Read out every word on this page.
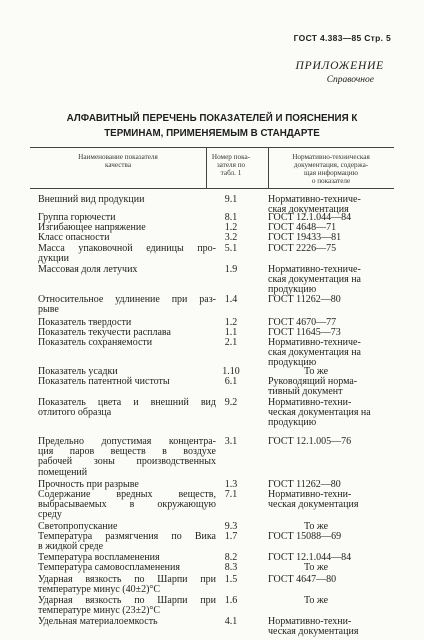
ГОСТ 4.383—85 Стр. 5
ПРИЛОЖЕНИЕ
Справочное
АЛФАВИТНЫЙ ПЕРЕЧЕНЬ ПОКАЗАТЕЛЕЙ И ПОЯСНЕНИЯ К
ТЕРМИНАМ, ПРИМЕНЯЕМЫМ В СТАНДАРТЕ
Наименование показателя
качества
Номер пока-
зателя по
табл. 1
Нормативно-техническая
документация, содержа-
щая информацию
о показателе
Внешний вид продукции	9.1	Нормативно-техниче-
ская документация
Группа горючести	8.1	ГОСТ 12.1.044—84
Изгибающее напряжение	1.2	ГОСТ 4648—71
Класс опасности	3.2	ГОСТ 19433—81
Масса упаковочной единицы про-
дукции
5.1	ГОСТ 2226—75
Массовая доля летучих	1.9	Нормативно-техниче-
ская документация на
продукцию
Относительное удлинение при раз-
рыве
1.4	ГОСТ 11262—80
Показатель твердости	1.2	ГОСТ 4670—77
Показатель текучести расплава	1.1	ГОСТ 11645—73
Показатель сохраняемости	2.1	Нормативно-техниче-
ская документация на
продукцию
Показатель усадки	1.10	То же
Показатель патентной чистоты	6.1	Руководящий норма-
тивный документ
Показатель цвета и внешний вид
отлитого образца
9.2	Нормативно-техни-
ческая документация на
продукцию
Предельно допустимая концентра-
ция паров веществ в воздухе
рабочей зоны производственных
помещений
3.1	ГОСТ 12.1.005—76
Прочность при разрыве	1.3	ГОСТ 11262—80
Содержание вредных веществ,
выбрасываемых в окружающую
среду
7.1	Нормативно-техни-
ческая документация
Светопропускание	9.3	То же
Температура размягчения по Вика
в жидкой среде
1.7	ГОСТ 15088—69
Температура воспламенения	8.2	ГОСТ 12.1.044—84
Температура самовоспламенения	8.3	То же
Ударная вязкость по Шарпи при
температуре минус (40±2)°С
1.5	ГОСТ 4647—80
Ударная вязкость по Шарпи при
температуре минус (23±2)°С
1.6	То же
Удельная материалоемкость	4.1	Нормативно-техни-
ческая документация
